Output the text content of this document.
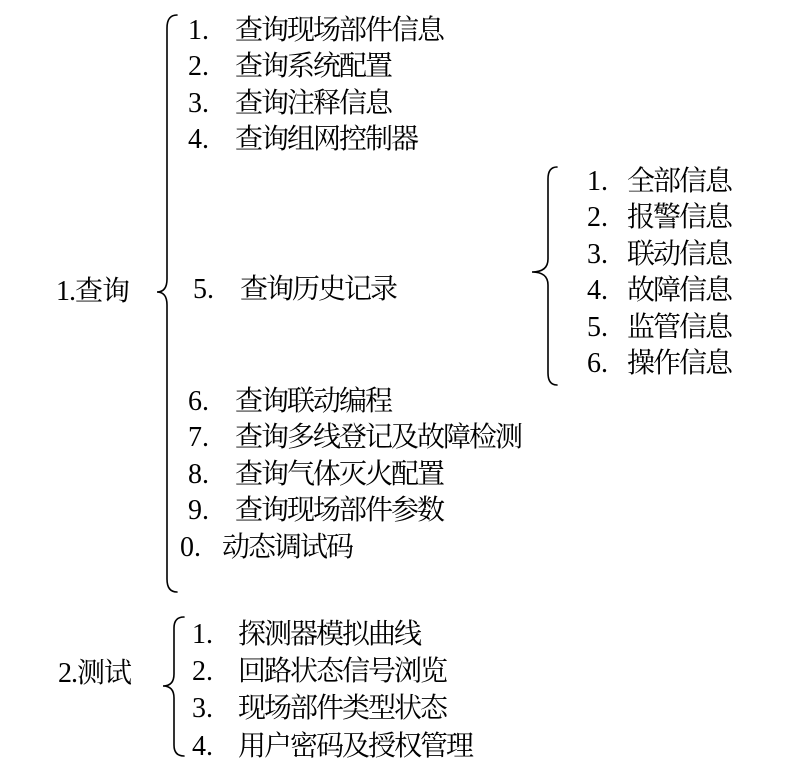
1.查询
1. 查询现场部件信息
2. 查询系统配置
3. 查询注释信息
4. 查询组网控制器
5. 查询历史记录
6. 查询联动编程
7. 查询多线登记及故障检测
8. 查询气体灭火配置
9. 查询现场部件参数
0. 动态调试码
1. 全部信息
2. 报警信息
3. 联动信息
4. 故障信息
5. 监管信息
6. 操作信息
2.测试
1. 探测器模拟曲线
2. 回路状态信号浏览
3. 现场部件类型状态
4. 用户密码及授权管理
